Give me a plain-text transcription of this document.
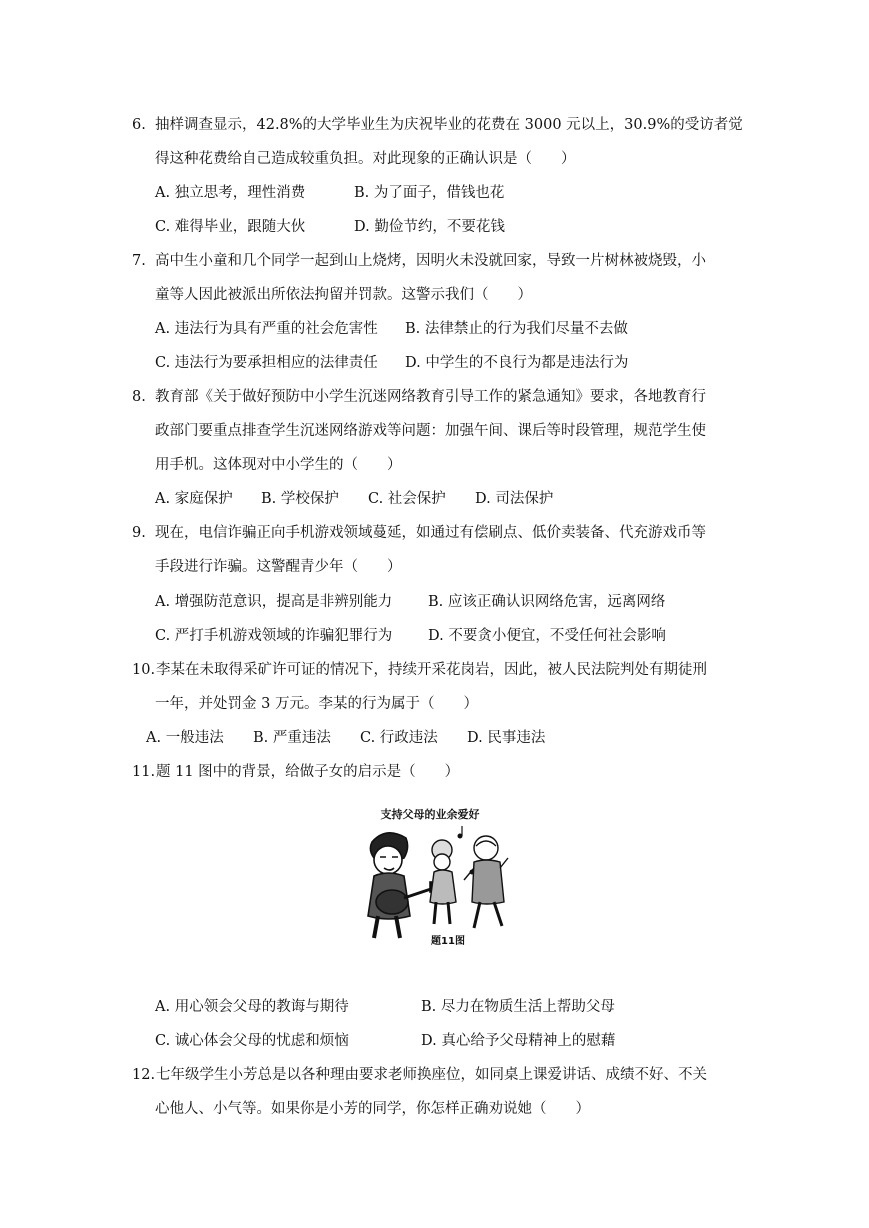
6. 抽样调查显示，42.8%的大学毕业生为庆祝毕业的花费在 3000 元以上，30.9%的受访者觉
得这种花费给自己造成较重负担。对此现象的正确认识是（　　）
A. 独立思考，理性消费	B. 为了面子，借钱也花
C. 难得毕业，跟随大伙	D. 勤俭节约，不要花钱
7. 高中生小童和几个同学一起到山上烧烤，因明火未没就回家，导致一片树林被烧毁，小
童等人因此被派出所依法拘留并罚款。这警示我们（　　）
A. 违法行为具有严重的社会危害性 B. 法律禁止的行为我们尽量不去做
C. 违法行为要承担相应的法律责任 D. 中学生的不良行为都是违法行为
8. 教育部《关于做好预防中小学生沉迷网络教育引导工作的紧急通知》要求，各地教育行
政部门要重点排查学生沉迷网络游戏等问题：加强午间、课后等时段管理，规范学生使
用手机。这体现对中小学生的（　　）
A. 家庭保护 B. 学校保护 C. 社会保护 D. 司法保护
9. 现在，电信诈骗正向手机游戏领域蔓延，如通过有偿刷点、低价卖装备、代充游戏币等
手段进行诈骗。这警醒青少年（　　）
A. 增强防范意识，提高是非辨别能力 B. 应该正确认识网络危害，远离网络
C. 严打手机游戏领域的诈骗犯罪行为 D. 不要贪小便宜，不受任何社会影响
10. 李某在未取得采矿许可证的情况下，持续开采花岗岩，因此，被人民法院判处有期徒刑
一年，并处罚金 3 万元。李某的行为属于（　　）
A. 一般违法 B. 严重违法 C. 行政违法 D. 民事违法
11. 题 11 图中的背景，给做子女的启示是（　　）
支持父母的业余爱好
题11图
A. 用心领会父母的教诲与期待	B. 尽力在物质生活上帮助父母
C. 诚心体会父母的忧虑和烦恼	D. 真心给予父母精神上的慰藉
12. 七年级学生小芳总是以各种理由要求老师换座位，如同桌上课爱讲话、成绩不好、不关
心他人、小气等。如果你是小芳的同学，你怎样正确劝说她（　　）
